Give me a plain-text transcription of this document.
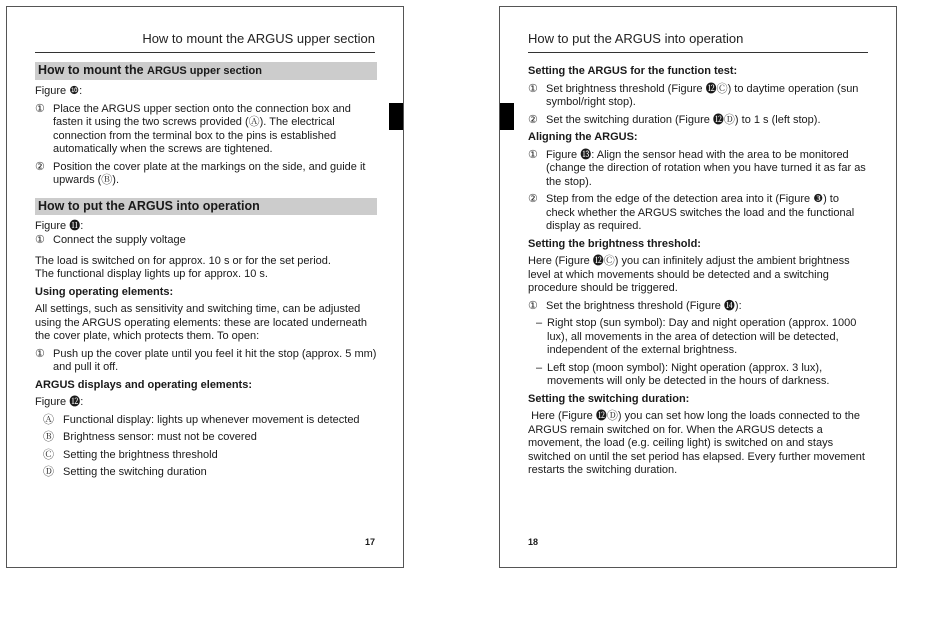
How to mount the ARGUS upper section
How to mount the ARGUS upper section
Figure ❿:
① Place the ARGUS upper section onto the connection box and fasten it using the two screws provided (Ⓐ). The electrical connection from the terminal box to the pins is established automatically when the screws are tightened.
② Position the cover plate at the markings on the side, and guide it upwards (Ⓑ).
How to put the ARGUS into operation
Figure ⓫:
① Connect the supply voltage
The load is switched on for approx. 10 s or for the set period.
The functional display lights up for approx. 10 s.
Using operating elements:
All settings, such as sensitivity and switching time, can be adjusted using the ARGUS operating elements: these are located underneath the cover plate, which protects them. To open:
① Push up the cover plate until you feel it hit the stop (approx. 5 mm) and pull it off.
ARGUS displays and operating elements:
Figure ⓬:
Ⓐ Functional display: lights up whenever movement is detected
Ⓑ Brightness sensor: must not be covered
Ⓒ Setting the brightness threshold
Ⓓ Setting the switching duration
17
How to put the ARGUS into operation
Setting the ARGUS for the function test:
① Set brightness threshold (Figure ⓬Ⓒ) to daytime operation (sun symbol/right stop).
② Set the switching duration (Figure ⓬Ⓓ) to 1 s (left stop).
Aligning the ARGUS:
① Figure ⓭: Align the sensor head with the area to be monitored (change the direction of rotation when you have turned it as far as the stop).
② Step from the edge of the detection area into it (Figure ❸) to check whether the ARGUS switches the load and the functional display as required.
Setting the brightness threshold:
Here (Figure ⓬Ⓒ) you can infinitely adjust the ambient brightness level at which movements should be detected and a switching procedure should be triggered.
① Set the brightness threshold (Figure ⓮):
– Right stop (sun symbol): Day and night operation (approx. 1000 lux), all movements in the area of detection will be detected, independent of the external brightness.
– Left stop (moon symbol): Night operation (approx. 3 lux), movements will only be detected in the hours of darkness.
Setting the switching duration:
Here (Figure ⓬Ⓓ) you can set how long the loads connected to the ARGUS remain switched on for. When the ARGUS detects a movement, the load (e.g. ceiling light) is switched on and stays switched on until the set period has elapsed. Every further movement restarts the switching duration.
18
